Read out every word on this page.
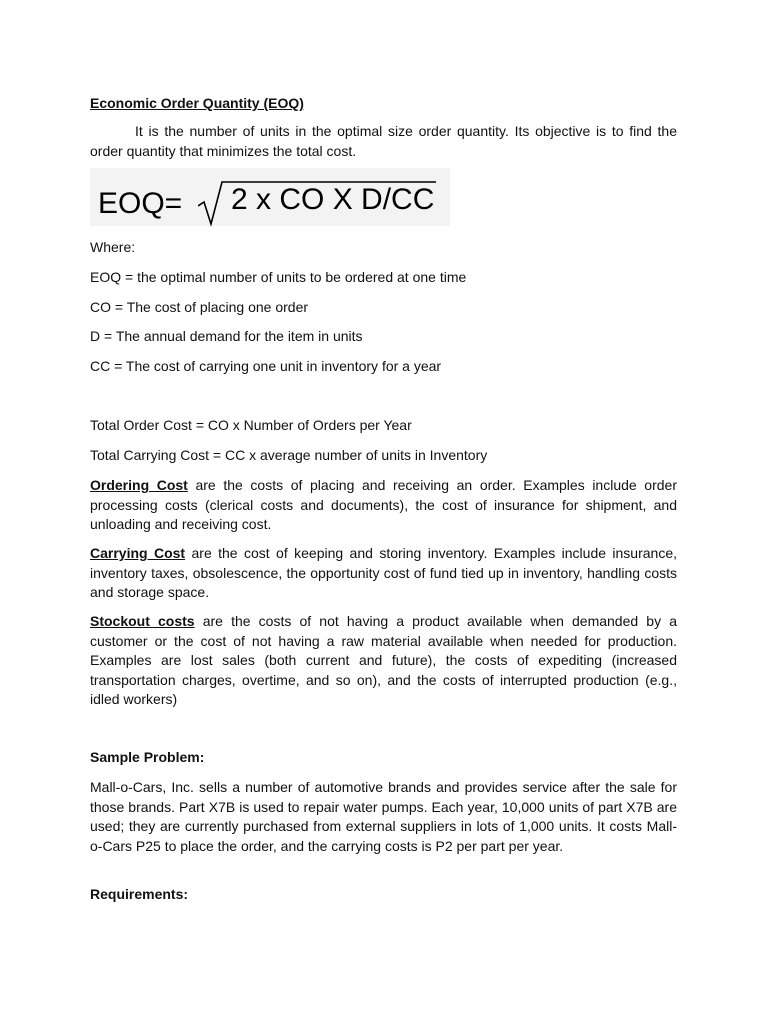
Economic Order Quantity (EOQ)
It is the number of units in the optimal size order quantity. Its objective is to find the order quantity that minimizes the total cost.
EOQ= 2 x CO X D/CC
Where:
EOQ = the optimal number of units to be ordered at one time
CO = The cost of placing one order
D = The annual demand for the item in units
CC = The cost of carrying one unit in inventory for a year
Total Order Cost = CO x Number of Orders per Year
Total Carrying Cost = CC x average number of units in Inventory
Ordering Cost are the costs of placing and receiving an order. Examples include order processing costs (clerical costs and documents), the cost of insurance for shipment, and unloading and receiving cost.
Carrying Cost are the cost of keeping and storing inventory. Examples include insurance, inventory taxes, obsolescence, the opportunity cost of fund tied up in inventory, handling costs and storage space.
Stockout costs are the costs of not having a product available when demanded by a customer or the cost of not having a raw material available when needed for production. Examples are lost sales (both current and future), the costs of expediting (increased transportation charges, overtime, and so on), and the costs of interrupted production (e.g., idled workers)
Sample Problem:
Mall-o-Cars, Inc. sells a number of automotive brands and provides service after the sale for those brands. Part X7B is used to repair water pumps. Each year, 10,000 units of part X7B are used; they are currently purchased from external suppliers in lots of 1,000 units. It costs Mall-o-Cars P25 to place the order, and the carrying costs is P2 per part per year.
Requirements:
